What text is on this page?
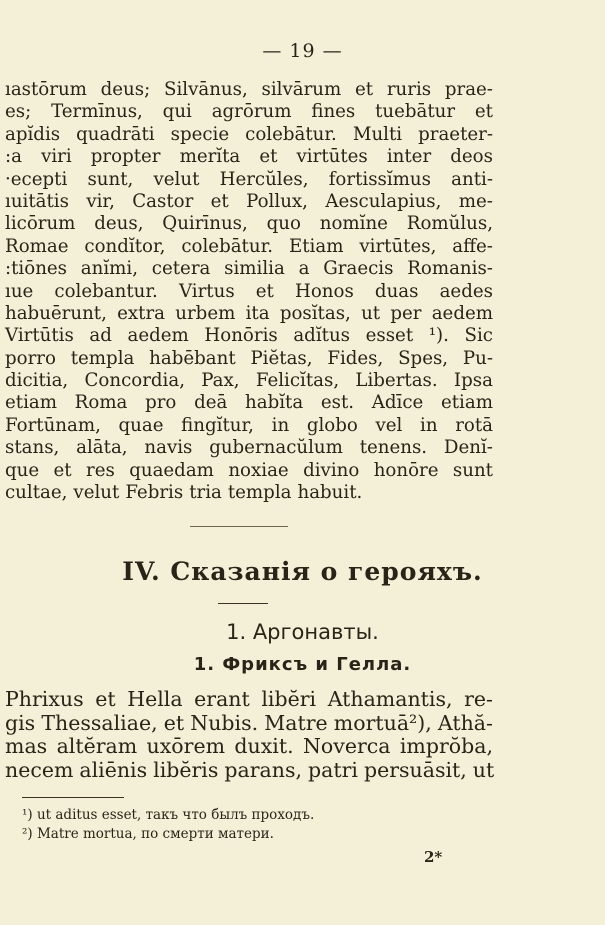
— 19 —
ıastōrum deus; Silvānus, silvārum et ruris prae-
es; Termīnus, qui agrōrum fines tuebātur et
apĭdis quadrāti specie colebātur. Multi praeter-
:a viri propter merĭta et virtūtes inter deos
·ecepti sunt, velut Hercŭles, fortissĭmus anti-
ıuitātis vir, Castor et Pollux, Aesculapius, me-
licōrum deus, Quirīnus, quo nomĭne Romŭlus,
Romae condĭtor, colebātur. Etiam virtūtes, affe-
:tiōnes anĭmi, cetera similia a Graecis Romanis-
ıue colebantur. Virtus et Honos duas aedes
habuērunt, extra urbem ita posĭtas, ut per aedem
Virtūtis ad aedem Honōris adĭtus esset ¹). Sic
porro templa habēbant Piĕtas, Fides, Spes, Pu-
dicitia, Concordia, Pax, Felicĭtas, Libertas. Ipsa
etiam Roma pro deā habĭta est. Adīce etiam
Fortūnam, quae fingĭtur, in globo vel in rotā
stans, alāta, navis gubernacŭlum tenens. Denĭ-
que et res quaedam noxiae divino honōre sunt
cultae, velut Febris tria templa habuit.
IV. Сказанія о герояхъ.
1. Аргонавты.
1. Фриксъ и Гелла.
Phrixus et Hella erant libĕri Athamantis, re-
gis Thessaliae, et Nubis. Matre mortuā²), Athă-
mas altĕram uxōrem duxit. Noverca imprŏba,
necem aliēnis libĕris parans, patri persuāsit, ut
¹) ut aditus esset, такъ что былъ проходъ.
²) Matre mortua, по смерти матери.
2*
